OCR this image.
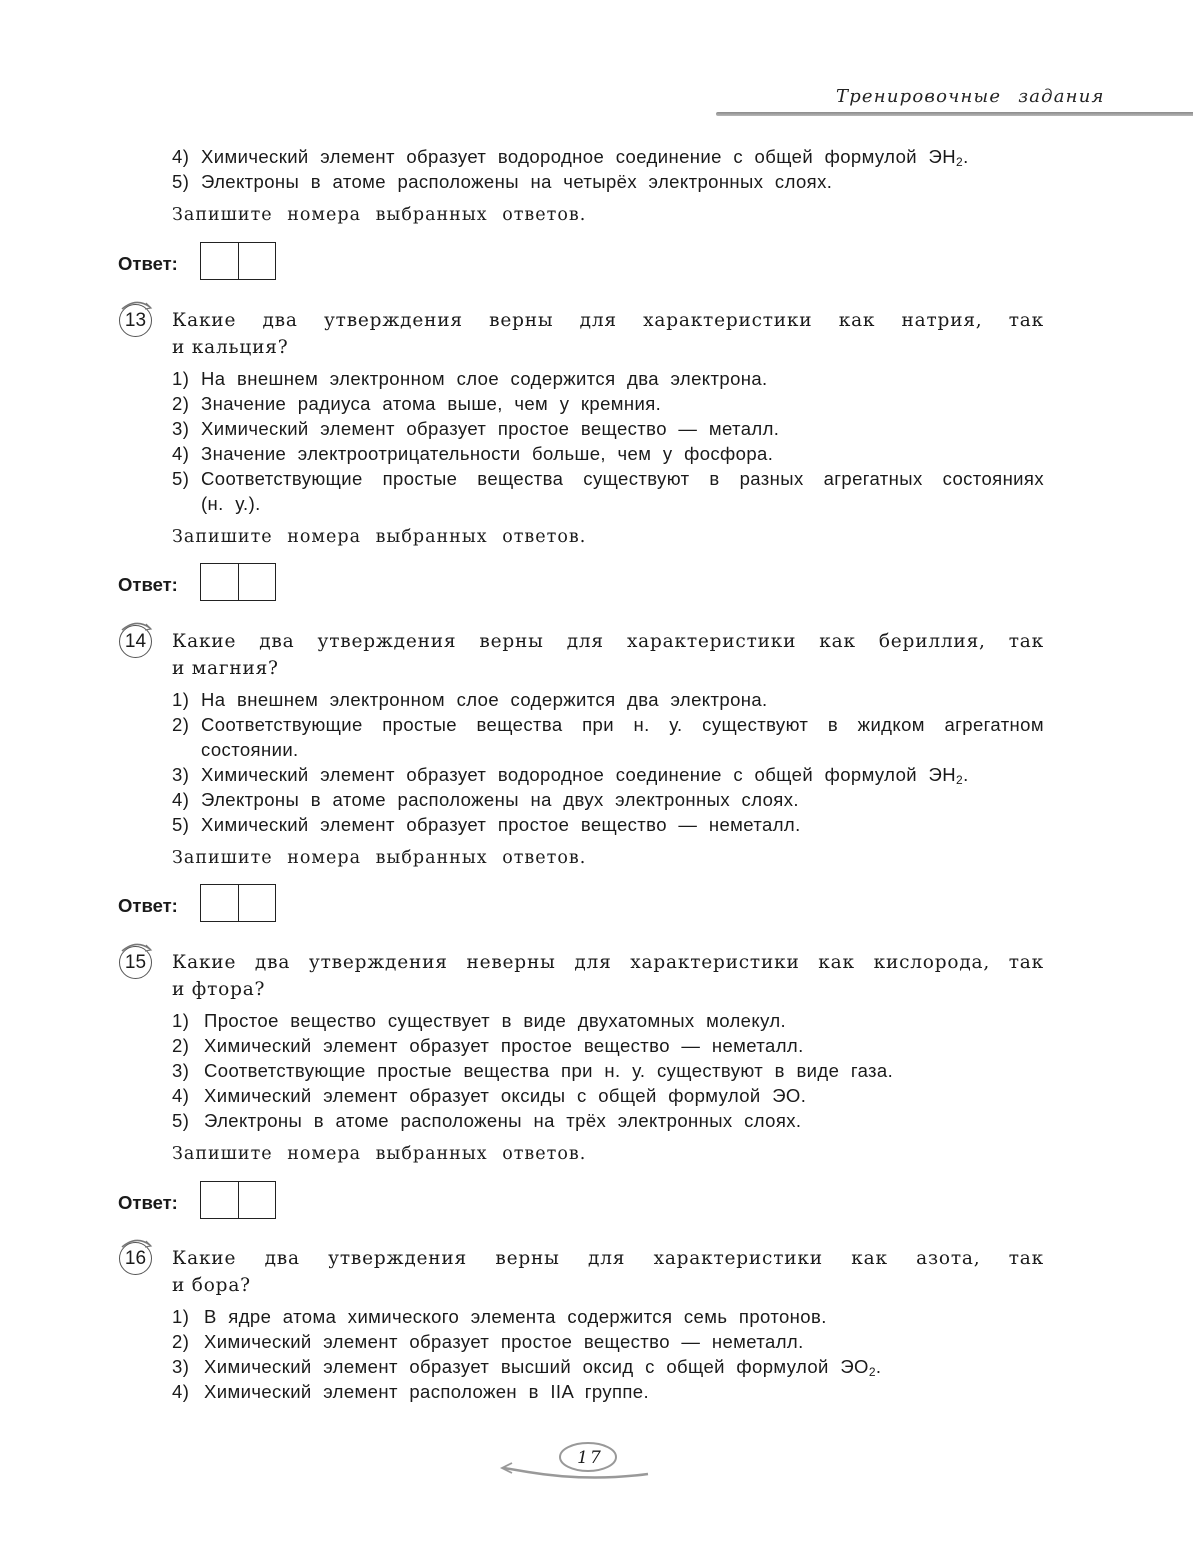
Тренировочные задания
4) Химический элемент образует водородное соединение с общей формулой $ЭН_2$.
5) Электроны в атоме расположены на четырёх электронных слоях.
Запишите номера выбранных ответов.
Ответ:
13 Какие два утверждения верны для характеристики как натрия, так
и кальция?
1) На внешнем электронном слое содержится два электрона.
2) Значение радиуса атома выше, чем у кремния.
3) Химический элемент образует простое вещество — металл.
4) Значение электроотрицательности больше, чем у фосфора.
5) Соответствующие простые вещества существуют в разных агрегатных состояниях
(н. у.).
Запишите номера выбранных ответов.
Ответ:
14 Какие два утверждения верны для характеристики как бериллия, так
и магния?
1) На внешнем электронном слое содержится два электрона.
2) Соответствующие простые вещества при н. у. существуют в жидком агрегатном
состоянии.
3) Химический элемент образует водородное соединение с общей формулой $ЭН_2$.
4) Электроны в атоме расположены на двух электронных слоях.
5) Химический элемент образует простое вещество — неметалл.
Запишите номера выбранных ответов.
Ответ:
15 Какие два утверждения неверны для характеристики как кислорода, так
и фтора?
1) Простое вещество существует в виде двухатомных молекул.
2) Химический элемент образует простое вещество — неметалл.
3) Соответствующие простые вещества при н. у. существуют в виде газа.
4) Химический элемент образует оксиды с общей формулой ЭО.
5) Электроны в атоме расположены на трёх электронных слоях.
Запишите номера выбранных ответов.
Ответ:
16 Какие два утверждения верны для характеристики как азота, так
и бора?
1) В ядре атома химического элемента содержится семь протонов.
2) Химический элемент образует простое вещество — неметалл.
3) Химический элемент образует высший оксид с общей формулой $ЭО_2$.
4) Химический элемент расположен в IIA группе.
17
